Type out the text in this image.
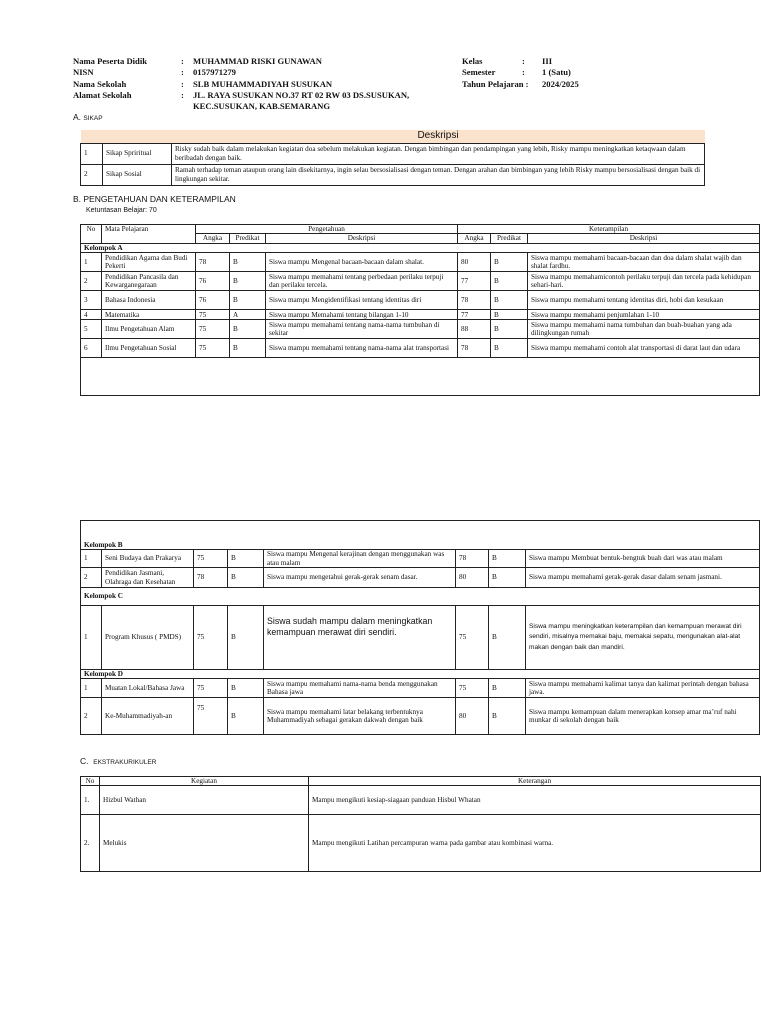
Nama Peserta Didik	: MUHAMMAD RISKI GUNAWAN
NISN	: 0157971279
Nama Sekolah	: SLB MUHAMMADIYAH SUSUKAN
Alamat Sekolah	: JL. RAYA SUSUKAN NO.37 RT 02 RW 03 DS.SUSUKAN, KEC.SUSUKAN, KAB.SEMARANG
Kelas	: III
Semester	: 1 (Satu)
Tahun Pelajaran : 2024/2025
A. SIKAP
		Deskripsi
1	Sikap Spriritual	Risky sudah baik dalam melakukan kegiatan doa sebelum melakukan kegiatan. Dengan bimbingan dan pendampingan yang lebih, Risky mampu meningkatkan ketaqwaan dalam beribadah dengan baik.
2	Sikap Sosial	Ramah terhadap teman ataupun orang lain disekitarnya, ingin selau bersosialisasi dengan teman. Dengan arahan dan bimbingan yang lebih Risky mampu bersosialisasi dengan baik di lingkungan sekitar.
B. PENGETAHUAN DAN KETERAMPILAN
Ketuntasan Belajar: 70
No	Mata Pelajaran	Pengetahuan			Keterampilan		
		Angka	Predikat	Deskripsi	Angka	Predikat	Deskripsi
Kelompok A							
1	Pendidikan Agama dan Budi Pekerti	78	B	Siswa mampu Mengenal bacaan-bacaan dalam shalat.	80	B	Siswa mampu memahami bacaan-bacaan dan doa dalam shalat wajib dan shalat fardhu.
2	Pendidikan Pancasila dan Kewarganegaraan	76	B	Siswa mampu memahami tentang perbedaan perilaku terpuji dan perilaku tercela.	77	B	Siswa mampu memahamicontoh perilaku terpuji dan tercela pada kehidupan sehari-hari.
3	Bahasa Indonesia	76	B	Siswa mampu Mengidentifikasi tentang identitas diri	78	B	Siswa mampu memahami tentang identitas diri, hobi dan kesukaan
4	Matematika	75	A	Siswa mampu Memahami tentang bilangan 1-10	77	B	Siswa mampu memahami penjumlahan 1-10
5	Ilmu Pengetahuan Alam	75	B	Siswa mampu memahami tentang nama-nama tumbuhan di sekitar	88	B	Siswa mampu memahami nama tumbuhan dan buah-buahan yang ada dilingkungan rumah
6	Ilmu Pengetahuan Sosial	75	B	Siswa mampu memahami tentang nama-nama alat transportasi	78	B	Siswa mampu memahami contoh alat transportasi di darat laut dan udara

Kelompok B							
1	Seni Budaya dan Prakarya	75	B	Siswa mampu Mengenal kerajinan dengan menggunakan was atau malam	78	B	Siswa mampu Membuat bentuk-bengtuk buah dari was atau malam
2	Pendidikan Jasmani, Olahraga dan Kesehatan	78	B	Siswa mampu mengetahui gerak-gerak senam dasar.	80	B	Siswa mampu memahami gerak-gerak dasar dalam senam jasmani.
Kelompok C							
1	Program Khusus ( PMDS)	75	B	Siswa sudah mampu dalam meningkatkan kemampuan merawat diri sendiri.	75	B	Siswa mampu meningkatkan keterampilan dan kemampuan merawat diri sendiri, misalnya memakai baju, memakai sepatu, mengunakan alat-alat makan dengan baik dan mandiri.
Kelompok D							
1	Muatan Lokal/Bahasa Jawa	75	B	Siswa mampu memahami nama-nama benda menggunakan Bahasa jawa	75	B	Siswa mampu memahami kalimat tanya dan kalimat perintah dengan bahasa jawa.
2	Ke-Muhammadiyah-an	75	B	Siswa mampu memahami latar belakang terbentuknya Muhammadiyah sebagai gerakan dakwah dengan baik	80	B	Siswa mampu kemampuan dalam menerapkan konsep amar ma’ruf nahi munkar di sekolah dengan baik
C. EKSTRAKURIKULER
No	Kegiatan	Keterangan
1.	Hizbul Wathan	Mampu mengikuti kesiap-siagaan panduan Hisbul Whatan
2.	Melukis	Mampu mengikuti Latihan percampuran warna pada gambar atau kombinasi warna.
